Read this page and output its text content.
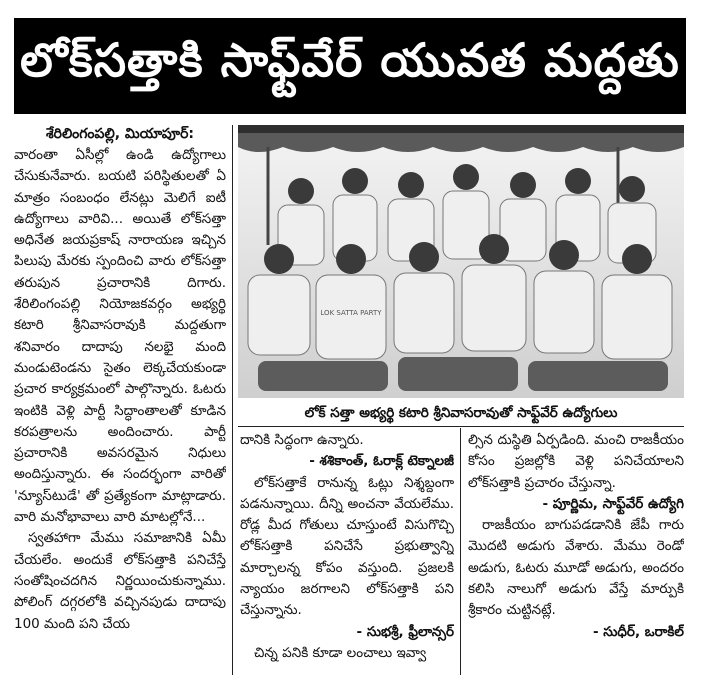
లోక్‌సత్తాకి సాఫ్ట్‌వేర్ యువత మద్దతు

శేరిలింగంపల్లి, మియాపూర్:

వారంతా ఏసీల్లో ఉండి ఉద్యోగాలు చేసుకునేవారు. బయటి పరిస్థితులతో ఏ మాత్రం సంబంధం లేనట్లు మెలిగే ఐటీ ఉద్యోగాలు వారివి... అయితే లోక్‌సత్తా అధినేత జయప్రకాష్ నారాయణ ఇచ్చిన పిలుపు మేరకు స్పందించి వారు లోక్‌సత్తా తరుపున ప్రచారానికి దిగారు. శేరిలింగంపల్లి నియోజకవర్గం అభ్యర్థి కటారి శ్రీనివాసరావుకి మద్దతుగా శనివారం దాదాపు నలభై మంది మండుటెండను సైతం లెక్కచేయకుండా ప్రచార కార్యక్రమంలో పాల్గొన్నారు. ఓటరు ఇంటికి వెళ్లి పార్టీ సిద్ధాంతాలతో కూడిన కరపత్రాలను అందించారు. పార్టీ ప్రచారానికి అవసరమైన నిధులు అందిస్తున్నారు. ఈ సందర్భంగా వారితో 'న్యూస్‌టుడే' తో ప్రత్యేకంగా మాట్లాడారు. వారి మనోభావాలు వారి మాటల్లోనే...

స్వతహాగా మేము సమాజానికి ఏమీ చేయలేం. అందుకే లోక్‌సత్తాకి పనిచేస్తే సంతోషించదగిన నిర్ణయించుకున్నాము. పోలింగ్ దగ్గరలోకి వచ్చినపుడు దాదాపు 100 మంది పని చేయ

LOK SATTA PARTY
లోక్ సత్తా అభ్యర్థి కటారి శ్రీనివాసరావుతో సాఫ్ట్‌వేర్ ఉద్యోగులు

దానికి సిద్ధంగా ఉన్నారు.

- శశికాంత్, ఓరాక్ల్ టెక్నాలజీ

లోక్‌సత్తాకే రానున్న ఓట్లు నిశ్శబ్దంగా పడనున్నాయి. దీన్ని అంచనా వేయలేము. రోడ్ల మీద గోతులు చూస్తుంటే విసుగొచ్చి లోక్‌సత్తాకి పనిచేసే ప్రభుత్వాన్ని మార్చాలన్న కోపం వస్తుంది. ప్రజలకి న్యాయం జరగాలని లోక్‌సత్తాకి పని చేస్తున్నాను.

- సుభశ్రీ, ఫ్రీలాన్సర్

చిన్న పనికి కూడా లంచాలు ఇవ్వా

ల్సిన దుస్థితి ఏర్పడింది. మంచి రాజకీయం కోసం ప్రజల్లోకి వెళ్లి పనిచేయాలని లోక్‌సత్తాకి ప్రచారం చేస్తున్నా.

- పూర్ణిమ, సాఫ్ట్‌వేర్ ఉద్యోగి

రాజకీయం బాగుపడడానికి జేపీ గారు మొదటి అడుగు వేశారు. మేము రెండో అడుగు, ఓటరు మూడో అడుగు, అందరం కలిసి నాలుగో అడుగు వేస్తే మార్పుకి శ్రీకారం చుట్టినట్లే.

- సుధీర్, ఒరాకిల్
